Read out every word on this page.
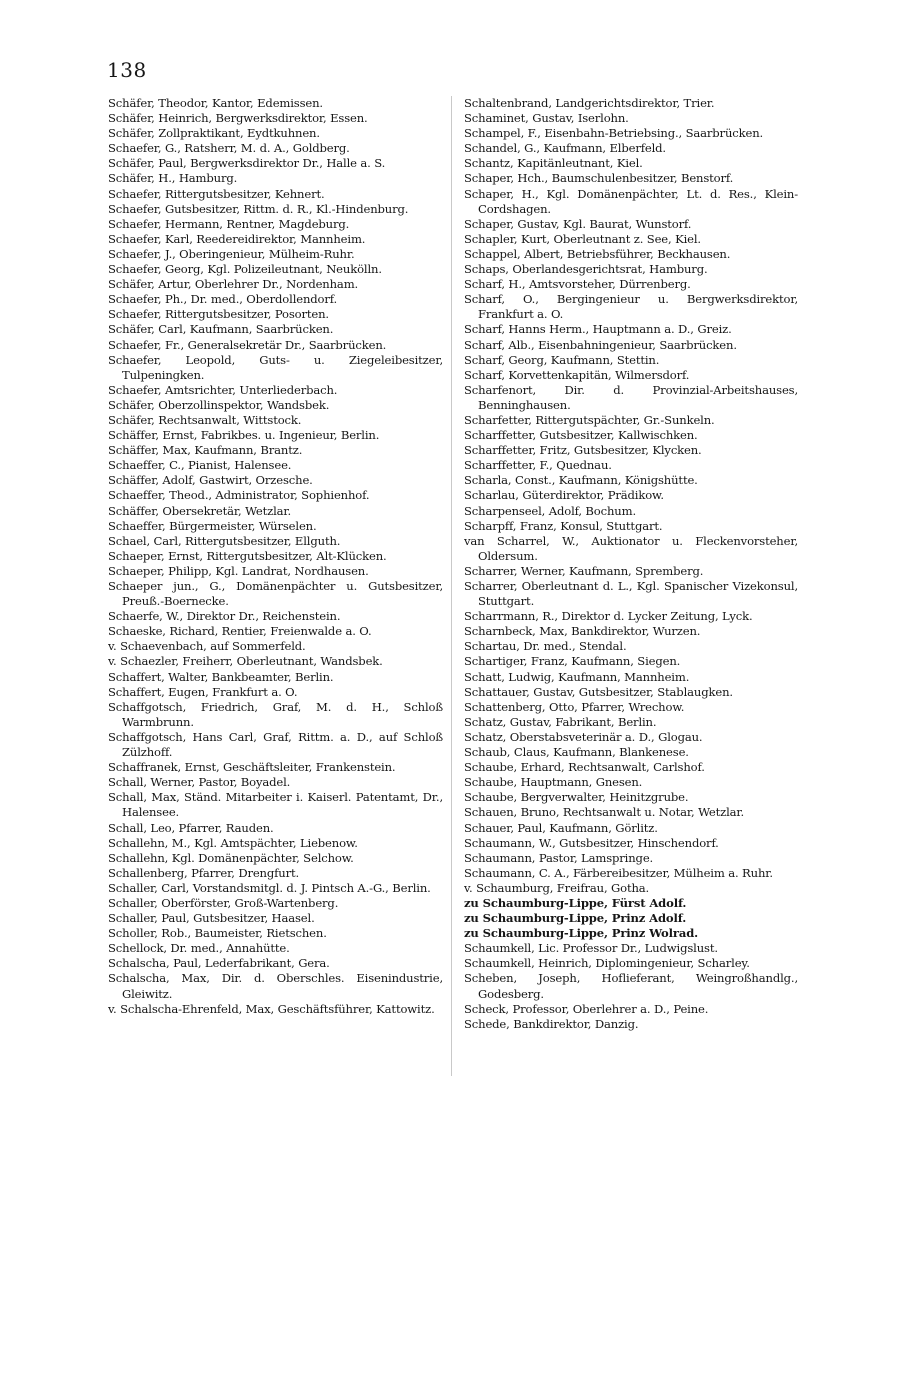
138
Schäfer, Theodor, Kantor, Edemissen.
Schäfer, Heinrich, Bergwerksdirektor, Essen.
Schäfer, Zollpraktikant, Eydtkuhnen.
Schaefer, G., Ratsherr, M. d. A., Goldberg.
Schäfer, Paul, Bergwerksdirektor Dr., Halle a. S.
Schäfer, H., Hamburg.
Schaefer, Rittergutsbesitzer, Kehnert.
Schaefer, Gutsbesitzer, Rittm. d. R., Kl.-Hindenburg.
Schaefer, Hermann, Rentner, Magdeburg.
Schaefer, Karl, Reedereidirektor, Mannheim.
Schaefer, J., Oberingenieur, Mülheim-Ruhr.
Schaefer, Georg, Kgl. Polizeileutnant, Neukölln.
Schäfer, Artur, Oberlehrer Dr., Nordenham.
Schaefer, Ph., Dr. med., Oberdollendorf.
Schaefer, Rittergutsbesitzer, Posorten.
Schäfer, Carl, Kaufmann, Saarbrücken.
Schaefer, Fr., Generalsekretär Dr., Saarbrücken.
Schaefer, Leopold, Guts- u. Ziegeleibesitzer, Tulpeningken.
Schaefer, Amtsrichter, Unterliederbach.
Schäfer, Oberzollinspektor, Wandsbek.
Schäfer, Rechtsanwalt, Wittstock.
Schäffer, Ernst, Fabrikbes. u. Ingenieur, Berlin.
Schäffer, Max, Kaufmann, Brantz.
Schaeffer, C., Pianist, Halensee.
Schäffer, Adolf, Gastwirt, Orzesche.
Schaeffer, Theod., Administrator, Sophienhof.
Schäffer, Obersekretär, Wetzlar.
Schaeffer, Bürgermeister, Würselen.
Schael, Carl, Rittergutsbesitzer, Ellguth.
Schaeper, Ernst, Rittergutsbesitzer, Alt-Klücken.
Schaeper, Philipp, Kgl. Landrat, Nordhausen.
Schaeper jun., G., Domänenpächter u. Gutsbesitzer, Preuß.-Boernecke.
Schaerfe, W., Direktor Dr., Reichenstein.
Schaeske, Richard, Rentier, Freienwalde a. O.
v. Schaevenbach, auf Sommerfeld.
v. Schaezler, Freiherr, Oberleutnant, Wandsbek.
Schaffert, Walter, Bankbeamter, Berlin.
Schaffert, Eugen, Frankfurt a. O.
Schaffgotsch, Friedrich, Graf, M. d. H., Schloß Warmbrunn.
Schaffgotsch, Hans Carl, Graf, Rittm. a. D., auf Schloß Zülzhoff.
Schaffranek, Ernst, Geschäftsleiter, Frankenstein.
Schall, Werner, Pastor, Boyadel.
Schall, Max, Ständ. Mitarbeiter i. Kaiserl. Patentamt, Dr., Halensee.
Schall, Leo, Pfarrer, Rauden.
Schallehn, M., Kgl. Amtspächter, Liebenow.
Schallehn, Kgl. Domänenpächter, Selchow.
Schallenberg, Pfarrer, Drengfurt.
Schaller, Carl, Vorstandsmitgl. d. J. Pintsch A.-G., Berlin.
Schaller, Oberförster, Groß-Wartenberg.
Schaller, Paul, Gutsbesitzer, Haasel.
Scholler, Rob., Baumeister, Rietschen.
Schellock, Dr. med., Annahütte.
Schalscha, Paul, Lederfabrikant, Gera.
Schalscha, Max, Dir. d. Oberschles. Eisenindustrie, Gleiwitz.
v. Schalscha-Ehrenfeld, Max, Geschäftsführer, Kattowitz.
Schaltenbrand, Landgerichtsdirektor, Trier.
Schaminet, Gustav, Iserlohn.
Schampel, F., Eisenbahn-Betriebsing., Saarbrücken.
Schandel, G., Kaufmann, Elberfeld.
Schantz, Kapitänleutnant, Kiel.
Schaper, Hch., Baumschulenbesitzer, Benstorf.
Schaper, H., Kgl. Domänenpächter, Lt. d. Res., Klein-Cordshagen.
Schaper, Gustav, Kgl. Baurat, Wunstorf.
Schapler, Kurt, Oberleutnant z. See, Kiel.
Schappel, Albert, Betriebsführer, Beckhausen.
Schaps, Oberlandesgerichtsrat, Hamburg.
Scharf, H., Amtsvorsteher, Dürrenberg.
Scharf, O., Bergingenieur u. Bergwerksdirektor, Frankfurt a. O.
Scharf, Hanns Herm., Hauptmann a. D., Greiz.
Scharf, Alb., Eisenbahningenieur, Saarbrücken.
Scharf, Georg, Kaufmann, Stettin.
Scharf, Korvettenkapitän, Wilmersdorf.
Scharfenort, Dir. d. Provinzial-Arbeitshauses, Benninghausen.
Scharfetter, Rittergutspächter, Gr.-Sunkeln.
Scharffetter, Gutsbesitzer, Kallwischken.
Scharffetter, Fritz, Gutsbesitzer, Klycken.
Scharffetter, F., Quednau.
Scharla, Const., Kaufmann, Königshütte.
Scharlau, Güterdirektor, Prädikow.
Scharpenseel, Adolf, Bochum.
Scharpff, Franz, Konsul, Stuttgart.
van Scharrel, W., Auktionator u. Fleckenvorsteher, Oldersum.
Scharrer, Werner, Kaufmann, Spremberg.
Scharrer, Oberleutnant d. L., Kgl. Spanischer Vizekonsul, Stuttgart.
Scharrmann, R., Direktor d. Lycker Zeitung, Lyck.
Scharnbeck, Max, Bankdirektor, Wurzen.
Schartau, Dr. med., Stendal.
Schartiger, Franz, Kaufmann, Siegen.
Schatt, Ludwig, Kaufmann, Mannheim.
Schattauer, Gustav, Gutsbesitzer, Stablaugken.
Schattenberg, Otto, Pfarrer, Wrechow.
Schatz, Gustav, Fabrikant, Berlin.
Schatz, Oberstabsveterinär a. D., Glogau.
Schaub, Claus, Kaufmann, Blankenese.
Schaube, Erhard, Rechtsanwalt, Carlshof.
Schaube, Hauptmann, Gnesen.
Schaube, Bergverwalter, Heinitzgrube.
Schauen, Bruno, Rechtsanwalt u. Notar, Wetzlar.
Schauer, Paul, Kaufmann, Görlitz.
Schaumann, W., Gutsbesitzer, Hinschendorf.
Schaumann, Pastor, Lamspringe.
Schaumann, C. A., Färbereibesitzer, Mülheim a. Ruhr.
v. Schaumburg, Freifrau, Gotha.
zu Schaumburg-Lippe, Fürst Adolf.
zu Schaumburg-Lippe, Prinz Adolf.
zu Schaumburg-Lippe, Prinz Wolrad.
Schaumkell, Lic. Professor Dr., Ludwigslust.
Schaumkell, Heinrich, Diplomingenieur, Scharley.
Scheben, Joseph, Hoflieferant, Weingroßhandlg., Godesberg.
Scheck, Professor, Oberlehrer a. D., Peine.
Schede, Bankdirektor, Danzig.
